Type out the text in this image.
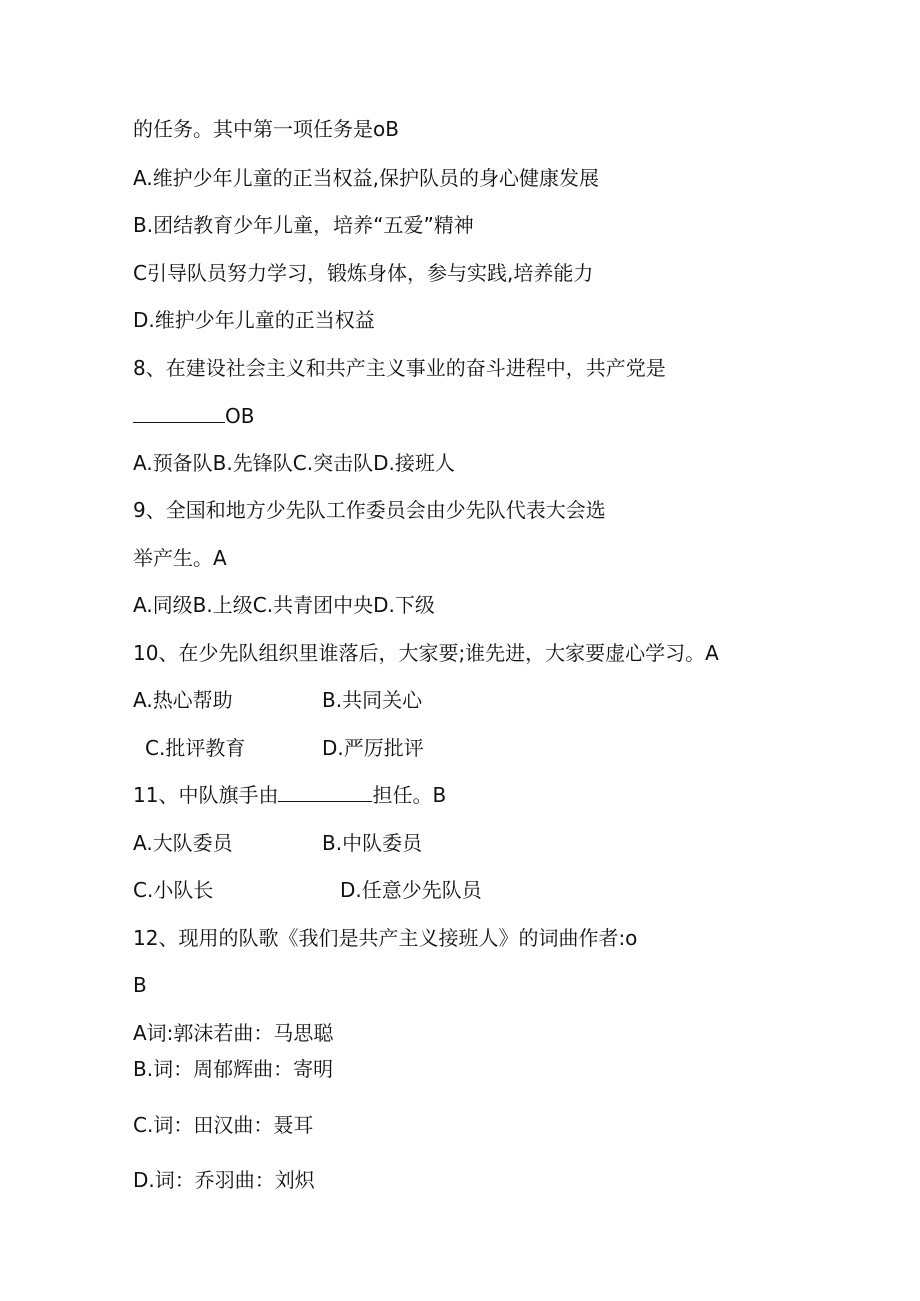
的任务。其中第一项任务是oB
A.维护少年儿童的正当权益,保护队员的身心健康发展
B.团结教育少年儿童，培养“五爱”精神
C引导队员努力学习，锻炼身体，参与实践,培养能力
D.维护少年儿童的正当权益
8、在建设社会主义和共产主义事业的奋斗进程中，共产党是
OB
A.预备队B.先锋队C.突击队D.接班人
9、全国和地方少先队工作委员会由少先队代表大会选
举产生。A
A.同级B.上级C.共青团中央D.下级
10、在少先队组织里谁落后，大家要;谁先进，大家要虚心学习。A
A.热心帮助	B.共同关心
C.批评教育	D.严厉批评
11、中队旗手由	担任。B
A.大队委员	B.中队委员
C.小队长	D.任意少先队员
12、现用的队歌《我们是共产主义接班人》的词曲作者:o
B
A词:郭沫若曲：马思聪
B.词：周郁辉曲：寄明
C.词：田汉曲：聂耳
D.词：乔羽曲：刘炽
